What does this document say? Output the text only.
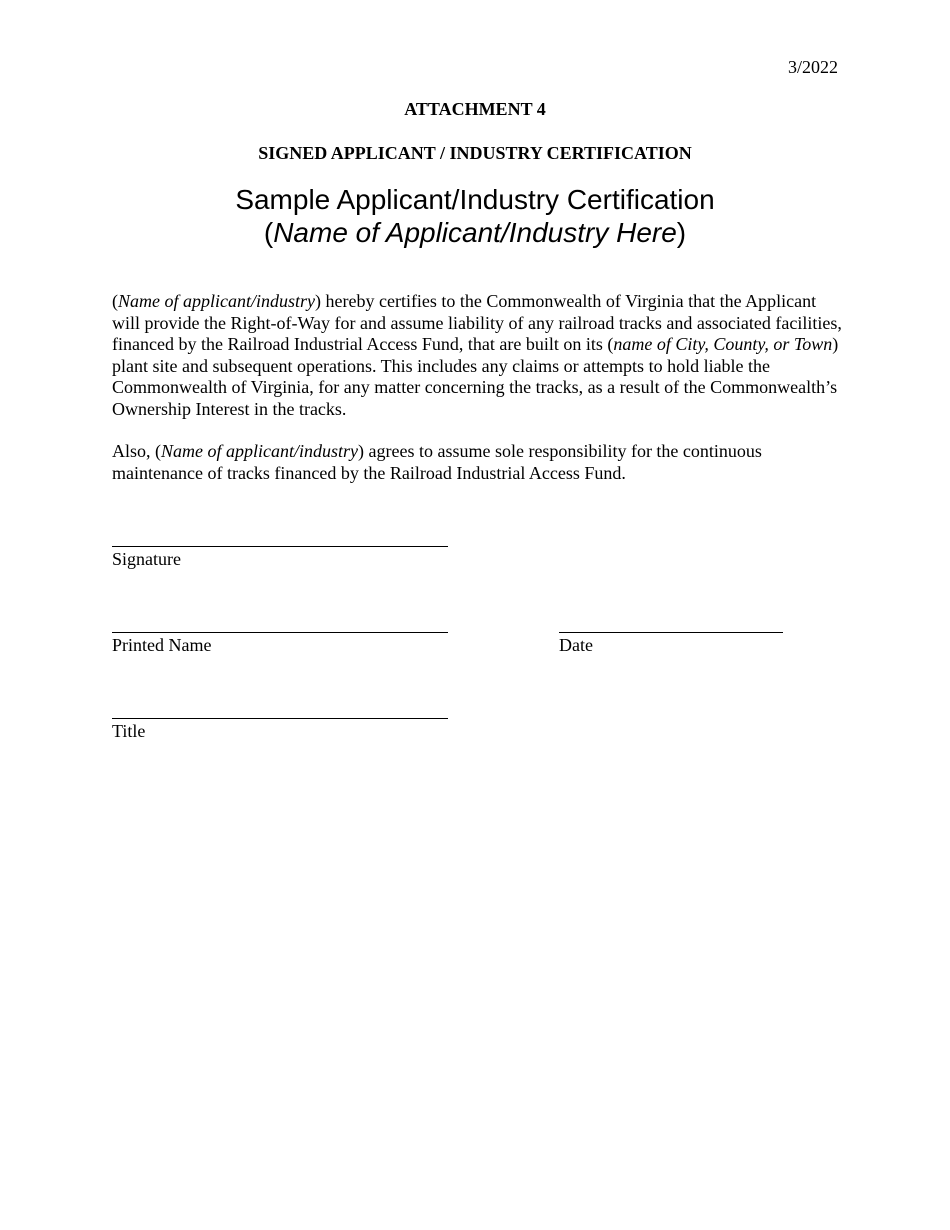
3/2022
ATTACHMENT 4
SIGNED APPLICANT / INDUSTRY CERTIFICATION
Sample Applicant/Industry Certification
(Name of Applicant/Industry Here)
(Name of applicant/industry) hereby certifies to the Commonwealth of Virginia that the Applicant will provide the Right-of-Way for and assume liability of any railroad tracks and associated facilities, financed by the Railroad Industrial Access Fund, that are built on its (name of City, County, or Town) plant site and subsequent operations. This includes any claims or attempts to hold liable the Commonwealth of Virginia, for any matter concerning the tracks, as a result of the Commonwealth’s Ownership Interest in the tracks.
Also, (Name of applicant/industry) agrees to assume sole responsibility for the continuous maintenance of tracks financed by the Railroad Industrial Access Fund.
Signature
Printed Name	Date
Title
